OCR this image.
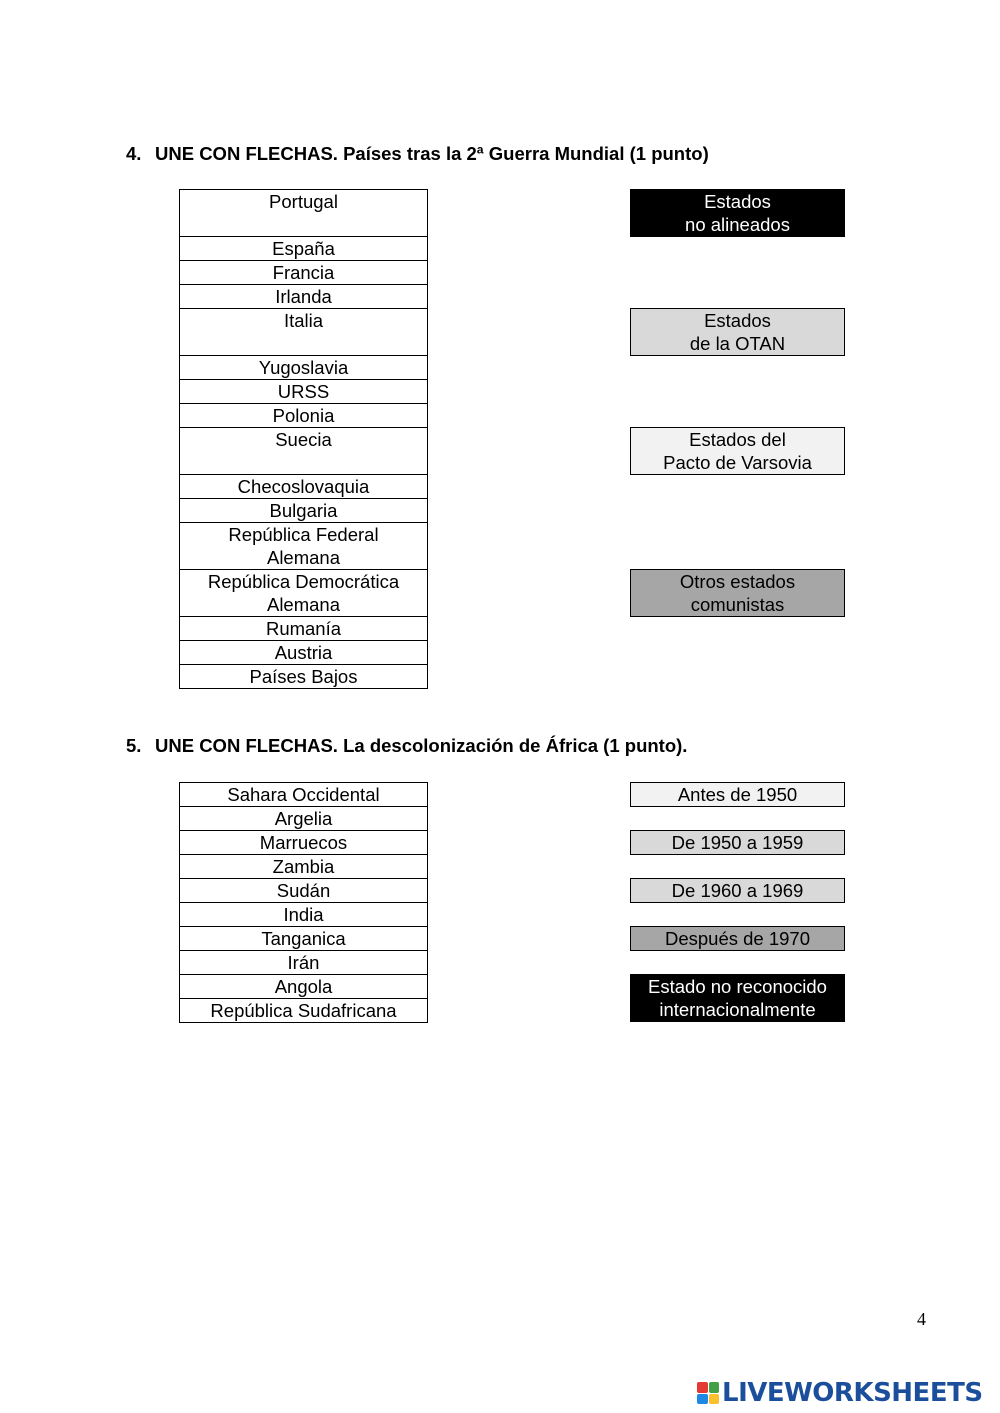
4. UNE CON FLECHAS. Países tras la 2ª Guerra Mundial (1 punto)
Portugal
España
Francia
Irlanda
Italia
Yugoslavia
URSS
Polonia
Suecia
Checoslovaquia
Bulgaria
República Federal Alemana
República Democrática Alemana
Rumanía
Austria
Países Bajos
Estados
no alineados
Estados
de la OTAN
Estados del
Pacto de Varsovia
Otros estados
comunistas
5. UNE CON FLECHAS. La descolonización de África (1 punto).
Sahara Occidental
Argelia
Marruecos
Zambia
Sudán
India
Tanganica
Irán
Angola
República Sudafricana
Antes de 1950
De 1950 a 1959
De 1960 a 1969
Después de 1970
Estado no reconocido
internacionalmente
4
LIVEWORKSHEETS
